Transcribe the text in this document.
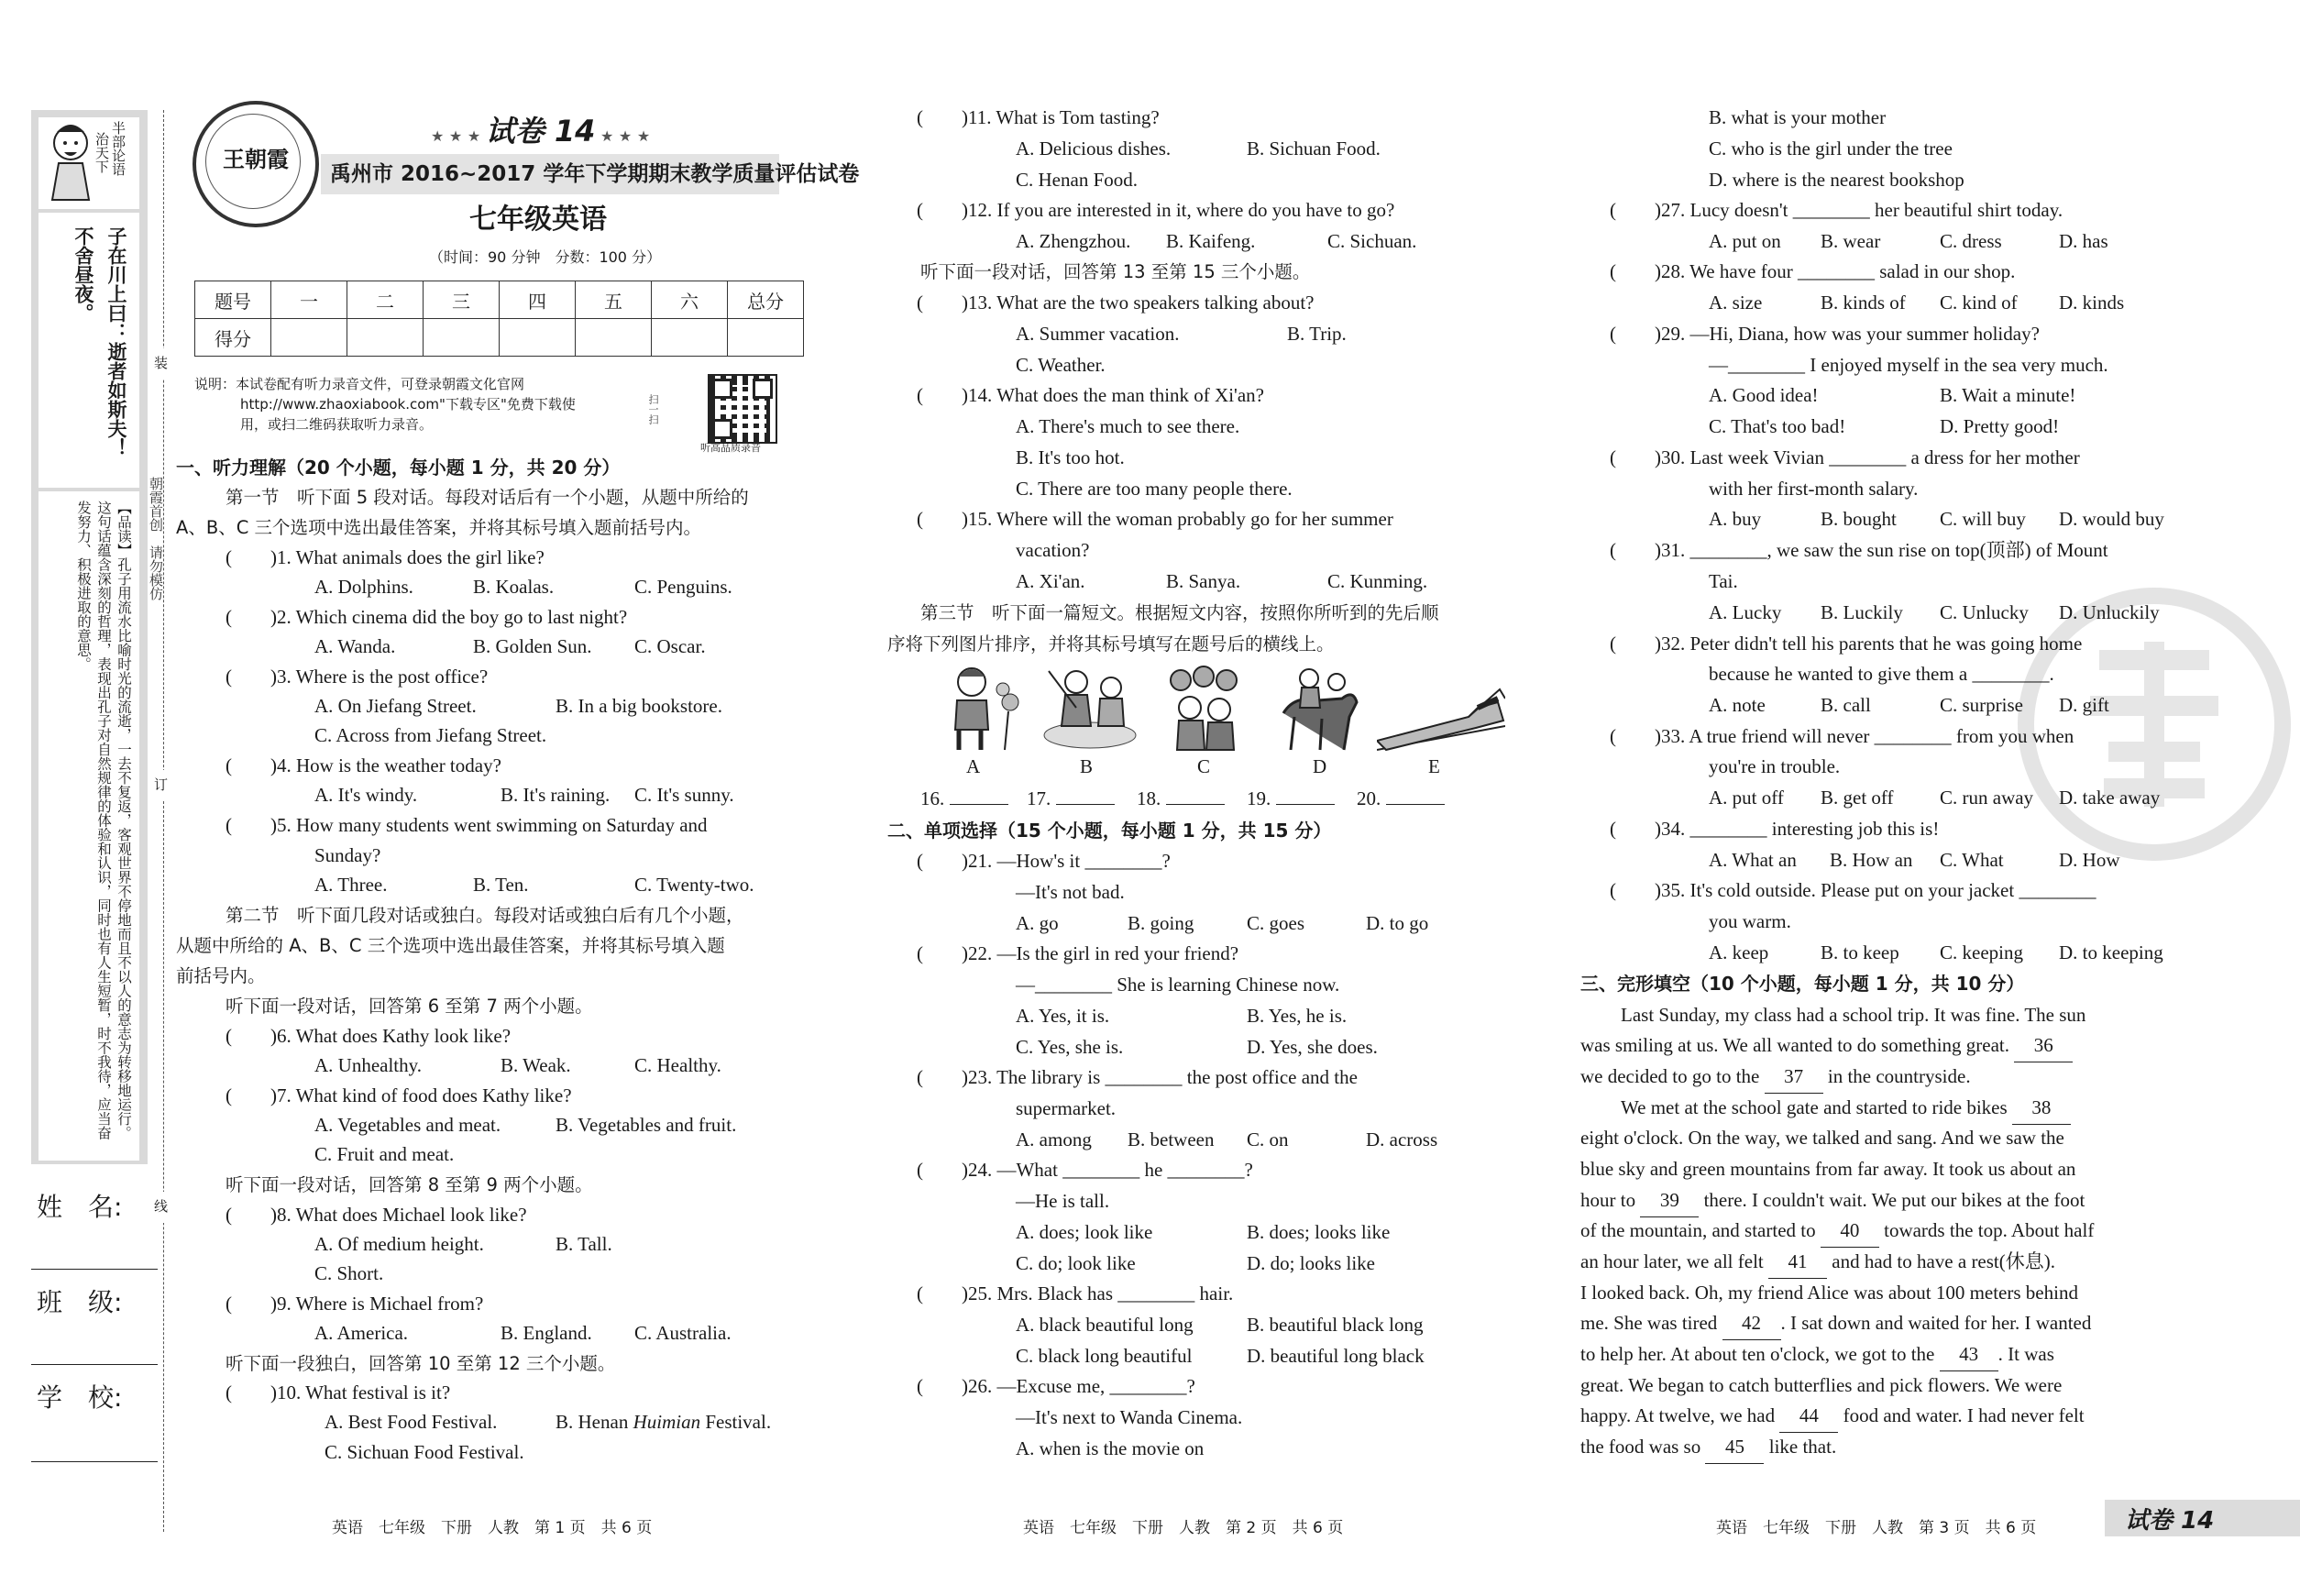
半部论语
治天下
子在川上曰：逝者如斯夫！
不舍昼夜。
【品读】孔子用流水比喻时光的流逝，一去不复返，客观世界不停地而且不以人的意志为转移地运行。这句话蕴含深刻的哲理，表现出孔子对自然规律的体验和认识，同时也有人生短暂，时不我待，应当奋发努力、积极进取的意思。
装
订
线
朝霞首创　请勿模仿
姓　名:
班　级:
学　校:
王朝霞
★ ★ ★ 试卷 14 ★ ★ ★
禹州市 2016~2017 学年下学期期末教学质量评估试卷
七年级英语
（时间：90 分钟　分数：100 分）
题号	一	二	三	四	五	六	总分
得分							
说明：本试卷配有听力录音文件，可登录朝霞文化官网
http://www.zhaoxiabook.com"下载专区"免费下载使
用，或扫二维码获取听力录音。	扫一扫
听高品质录音
一、听力理解（20 个小题，每小题 1 分，共 20 分）
第一节　听下面 5 段对话。每段对话后有一个小题，从题中所给的
A、B、C 三个选项中选出最佳答案，并将其标号填入题前括号内。
(　　)1. What animals does the girl like?
A. Dolphins.	B. Koalas.	C. Penguins.
(　　)2. Which cinema did the boy go to last night?
A. Wanda.	B. Golden Sun. C. Oscar.
(　　)3. Where is the post office?
A. On Jiefang Street.	B. In a big bookstore.
C. Across from Jiefang Street.
(　　)4. How is the weather today?
A. It's windy.	B. It's raining. C. It's sunny.
(　　)5. How many students went swimming on Saturday and
Sunday?
A. Three.	B. Ten.	C. Twenty-two.
第二节　听下面几段对话或独白。每段对话或独白后有几个小题，
从题中所给的 A、B、C 三个选项中选出最佳答案，并将其标号填入题
前括号内。
听下面一段对话，回答第 6 至第 7 两个小题。
(　　)6. What does Kathy look like?
A. Unhealthy.	B. Weak.	C. Healthy.
(　　)7. What kind of food does Kathy like?
A. Vegetables and meat.	B. Vegetables and fruit.
C. Fruit and meat.
听下面一段对话，回答第 8 至第 9 两个小题。
(　　)8. What does Michael look like?
A. Of medium height.	B. Tall.
C. Short.
(　　)9. Where is Michael from?
A. America.	B. England. C. Australia.
听下面一段独白，回答第 10 至第 12 三个小题。
(　　)10. What festival is it?
A. Best Food Festival.	B. Henan Huimian Festival.
C. Sichuan Food Festival.
英语　七年级　下册　人教　第 1 页　共 6 页
(　　)11. What is Tom tasting?
A. Delicious dishes.	B. Sichuan Food.
C. Henan Food.
(　　)12. If you are interested in it, where do you have to go?
A. Zhengzhou. B. Kaifeng.	C. Sichuan.
听下面一段对话，回答第 13 至第 15 三个小题。
(　　)13. What are the two speakers talking about?
A. Summer vacation.	B. Trip.
C. Weather.
(　　)14. What does the man think of Xi'an?
A. There's much to see there.
B. It's too hot.
C. There are too many people there.
(　　)15. Where will the woman probably go for her summer
vacation?
A. Xi'an.	B. Sanya.	C. Kunming.
第三节　听下面一篇短文。根据短文内容，按照你所听到的先后顺
序将下列图片排序，并将其标号填写在题号后的横线上。
A	B	C	D	E
16.	17.	18.	19.	20.
二、单项选择（15 个小题，每小题 1 分，共 15 分）
(　　)21. —How's it ________?
—It's not bad.
A. go	B. going	C. goes	D. to go
(　　)22. —Is the girl in red your friend?
—________ She is learning Chinese now.
A. Yes, it is.	B. Yes, he is.
C. Yes, she is.	D. Yes, she does.
(　　)23. The library is ________ the post office and the
supermarket.
A. among B. between C. on	D. across
(　　)24. —What ________ he ________?
—He is tall.
A. does; look like	B. does; looks like
C. do; look like	D. do; looks like
(　　)25. Mrs. Black has ________ hair.
A. black beautiful long	B. beautiful black long
C. black long beautiful	D. beautiful long black
(　　)26. —Excuse me, ________?
—It's next to Wanda Cinema.
A. when is the movie on
英语　七年级　下册　人教　第 2 页　共 6 页
B. what is your mother
C. who is the girl under the tree
D. where is the nearest bookshop
(　　)27. Lucy doesn't ________ her beautiful shirt today.
A. put on B. wear	C. dress	D. has
(　　)28. We have four ________ salad in our shop.
A. size	B. kinds of C. kind of D. kinds
(　　)29. —Hi, Diana, how was your summer holiday?
—________ I enjoyed myself in the sea very much.
A. Good idea!	B. Wait a minute!
C. That's too bad!	D. Pretty good!
(　　)30. Last week Vivian ________ a dress for her mother
with her first-month salary.
A. buy	B. bought C. will buy D. would buy
(　　)31. ________, we saw the sun rise on top(顶部) of Mount
Tai.
A. Lucky B. Luckily C. Unlucky D. Unluckily
(　　)32. Peter didn't tell his parents that he was going home
because he wanted to give them a ________.
A. note	B. call	C. surprise D. gift
(　　)33. A true friend will never ________ from you when
you're in trouble.
A. put off B. get off C. run away D. take away
(　　)34. ________ interesting job this is!
A. What an B. How an C. What	D. How
(　　)35. It's cold outside. Please put on your jacket ________
you warm.
A. keep	B. to keep C. keeping D. to keeping
三、完形填空（10 个小题，每小题 1 分，共 10 分）
Last Sunday, my class had a school trip. It was fine. The sun
was smiling at us. We all wanted to do something great. 36
we decided to go to the 37 in the countryside.
We met at the school gate and started to ride bikes 38
eight o'clock. On the way, we talked and sang. And we saw the
blue sky and green mountains from far away. It took us about an
hour to 39 there. I couldn't wait. We put our bikes at the foot
of the mountain, and started to 40 towards the top. About half
an hour later, we all felt 41 and had to have a rest(休息).
I looked back. Oh, my friend Alice was about 100 meters behind
me. She was tired 42 . I sat down and waited for her. I wanted
to help her. At about ten o'clock, we got to the 43 . It was
great. We began to catch butterflies and pick flowers. We were
happy. At twelve, we had 44 food and water. I had never felt
the food was so 45 like that.
英语　七年级　下册　人教　第 3 页　共 6 页	试卷 14
